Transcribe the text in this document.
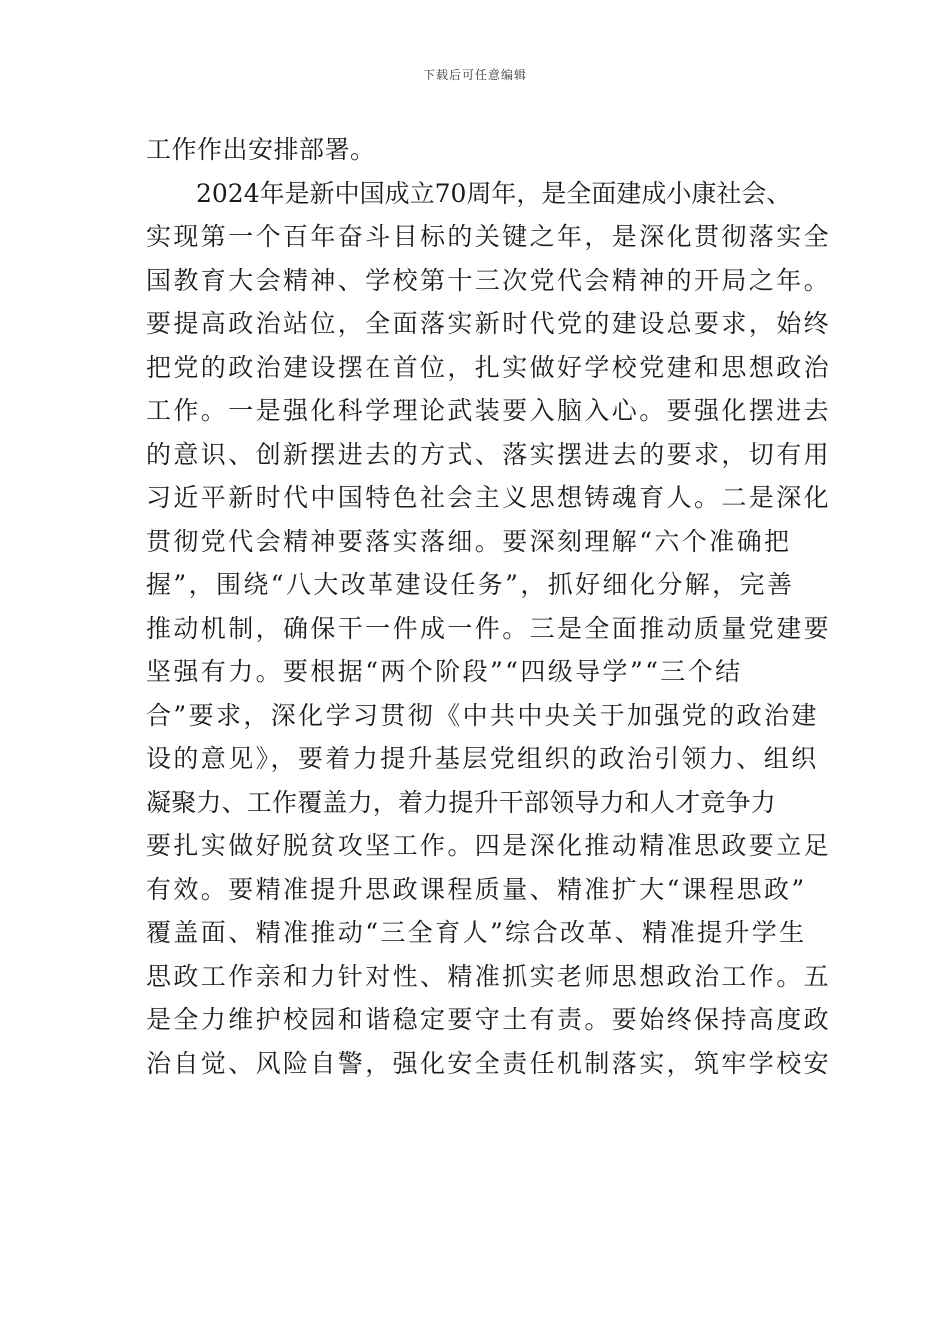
下载后可任意编辑
工作作出安排部署。
2024年是新中国成立70周年，是全面建成小康社会、
实现第一个百年奋斗目标的关键之年，是深化贯彻落实全
国教育大会精神、学校第十三次党代会精神的开局之年。
要提高政治站位，全面落实新时代党的建设总要求，始终
把党的政治建设摆在首位，扎实做好学校党建和思想政治
工作。一是强化科学理论武装要入脑入心。要强化摆进去
的意识、创新摆进去的方式、落实摆进去的要求，切有用
习近平新时代中国特色社会主义思想铸魂育人。二是深化
贯彻党代会精神要落实落细。要深刻理解“六个准确把
握”，围绕“八大改革建设任务”，抓好细化分解，完善
推动机制，确保干一件成一件。三是全面推动质量党建要
坚强有力。要根据“两个阶段”“四级导学”“三个结
合”要求，深化学习贯彻《中共中央关于加强党的政治建
设的意见》，要着力提升基层党组织的政治引领力、组织
凝聚力、工作覆盖力，着力提升干部领导力和人才竞争力
要扎实做好脱贫攻坚工作。四是深化推动精准思政要立足
有效。要精准提升思政课程质量、精准扩大“课程思政”
覆盖面、精准推动“三全育人”综合改革、精准提升学生
思政工作亲和力针对性、精准抓实老师思想政治工作。五
是全力维护校园和谐稳定要守土有责。要始终保持高度政
治自觉、风险自警，强化安全责任机制落实，筑牢学校安
